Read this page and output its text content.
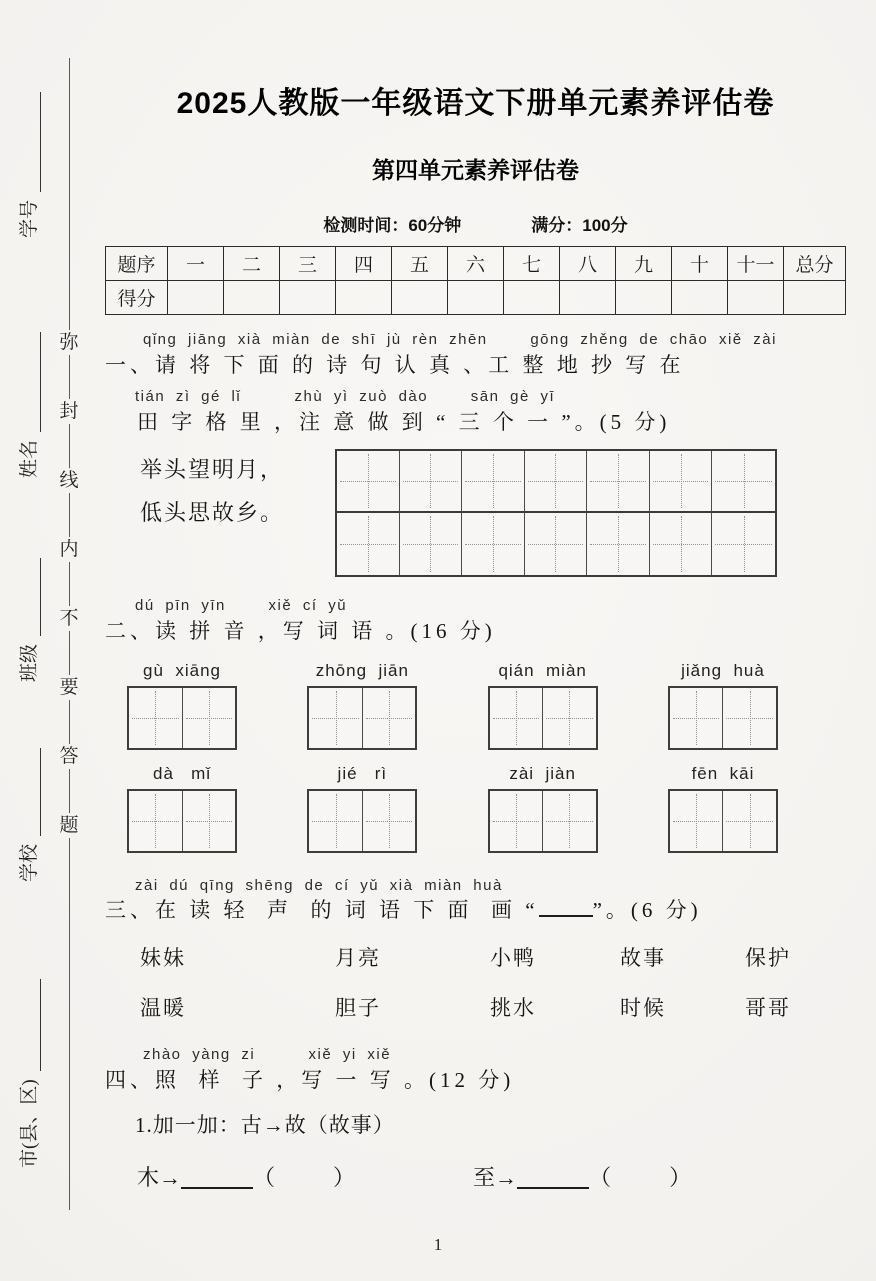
学号
姓名
班级
学校
市(县、区)
弥
封
线
内
不
要
答
题
2025人教版一年级语文下册单元素养评估卷
第四单元素养评估卷
检测时间：60分钟	满分：100分
题序	一	二	三	四	五	六	七	八	九	十	十一	总分
得分												
qǐng jiāng xià miàn de shī jù rèn zhēn    gōng zhěng de chāo xiě zài
一、请 将 下 面 的 诗 句 认 真 、工 整 地 抄 写 在
tián zì gé lǐ     zhù yì zuò dào    sān gè yī
田 字 格 里 ，注 意 做 到 “ 三 个 一 ”。(5 分)
举头望明月，
低头思故乡。
dú pīn yīn    xiě cí yǔ
二、读 拼 音 ，写 词 语 。(16 分)
gù  xiāng	zhōng  jiān	qián  miàn	jiǎng  huà
dà   mǐ	jié   rì	zài  jiàn	fēn  kāi
zài dú qīng shēng de cí yǔ xià miàn huà
三、在 读 轻  声  的 词 语 下 面  画 “	”。(6 分)
妹妹	月亮	小鸭	故事	保护
温暖	胆子	挑水	时候	哥哥
zhào yàng zi     xiě yi xiě
四、照  样  子 ，写 一 写 。(12 分)
1.加一加：古→故（故事）
木→	（	）	至→	（	）
1
